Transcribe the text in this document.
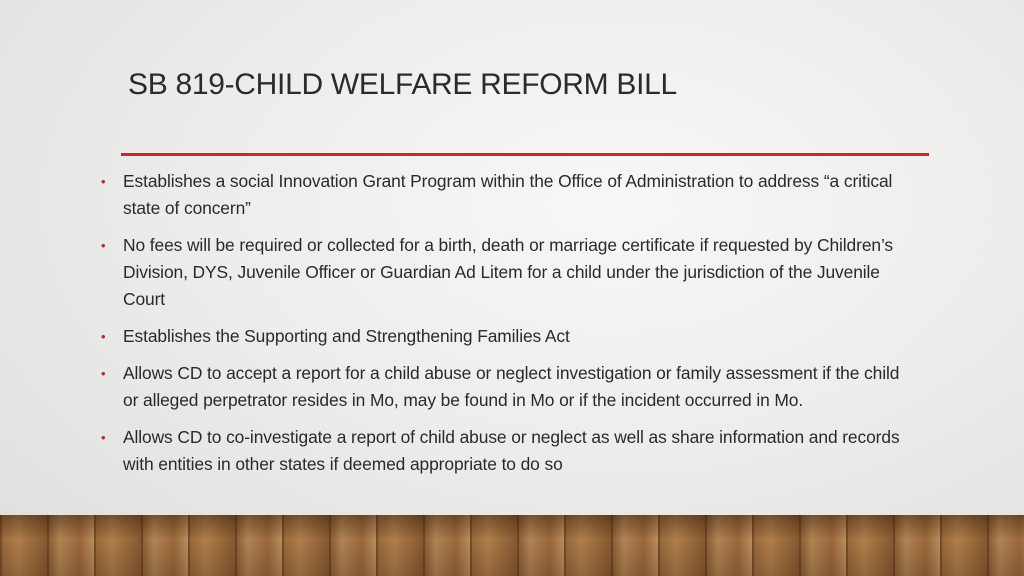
SB 819-CHILD WELFARE REFORM BILL
• Establishes a social Innovation Grant Program within the Office of Administration to address “a critical state of concern”
• No fees will be required or collected for a birth, death or marriage certificate if requested by Children’s Division, DYS, Juvenile Officer or Guardian Ad Litem for a child under the jurisdiction of the Juvenile Court
• Establishes the Supporting and Strengthening Families Act
• Allows CD to accept a report for a child abuse or neglect investigation or family assessment if the child or alleged perpetrator resides in Mo, may be found in Mo or if the incident occurred in Mo.
• Allows CD to co-investigate a report of child abuse or neglect as well as share information and records with entities in other states if deemed appropriate to do so
